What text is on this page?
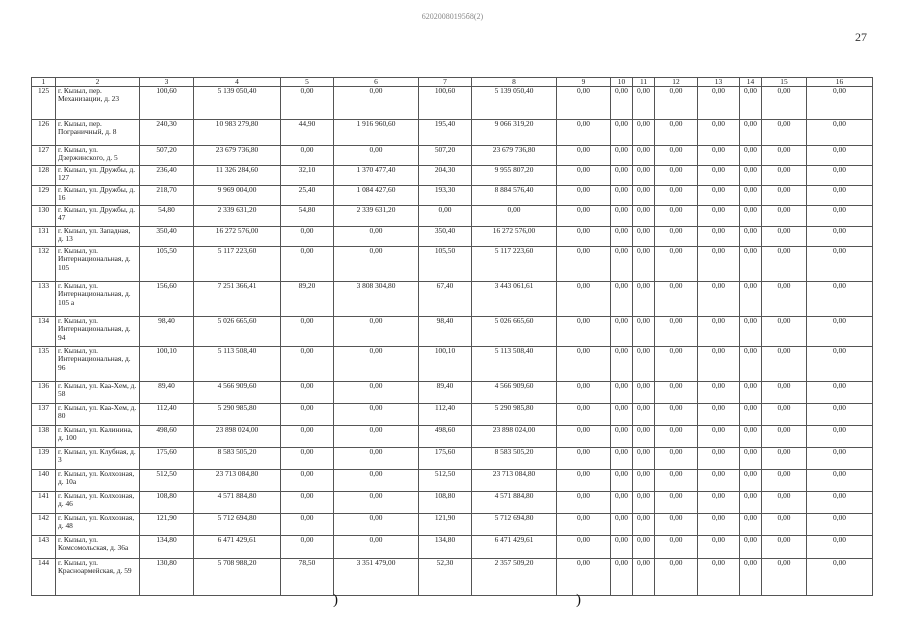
62020080195б8(2)
27
1	2	3	4	5	6	7	8	9	10	11	12	13	14	15	16
125	г. Кызыл, пер. Механизации, д. 23	100,60	5 139 050,40	0,00	0,00	100,60	5 139 050,40	0,00	0,00	0,00	0,00	0,00	0,00	0,00	0,00
126	г. Кызыл, пер. Пограничный, д. 8	240,30	10 983 279,80	44,90	1 916 960,60	195,40	9 066 319,20	0,00	0,00	0,00	0,00	0,00	0,00	0,00	0,00
127	г. Кызыл, ул. Дзержинского, д. 5	507,20	23 679 736,80	0,00	0,00	507,20	23 679 736,80	0,00	0,00	0,00	0,00	0,00	0,00	0,00	0,00
128	г. Кызыл, ул. Дружбы, д. 127	236,40	11 326 284,60	32,10	1 370 477,40	204,30	9 955 807,20	0,00	0,00	0,00	0,00	0,00	0,00	0,00	0,00
129	г. Кызыл, ул. Дружбы, д. 16	218,70	9 969 004,00	25,40	1 084 427,60	193,30	8 884 576,40	0,00	0,00	0,00	0,00	0,00	0,00	0,00	0,00
130	г. Кызыл, ул. Дружбы, д. 47	54,80	2 339 631,20	54,80	2 339 631,20	0,00	0,00	0,00	0,00	0,00	0,00	0,00	0,00	0,00	0,00
131	г. Кызыл, ул. Западная, д. 13	350,40	16 272 576,00	0,00	0,00	350,40	16 272 576,00	0,00	0,00	0,00	0,00	0,00	0,00	0,00	0,00
132	г. Кызыл, ул. Интернациональная, д. 105	105,50	5 117 223,60	0,00	0,00	105,50	5 117 223,60	0,00	0,00	0,00	0,00	0,00	0,00	0,00	0,00
133	г. Кызыл, ул. Интернациональная, д. 105 а	156,60	7 251 366,41	89,20	3 808 304,80	67,40	3 443 061,61	0,00	0,00	0,00	0,00	0,00	0,00	0,00	0,00
134	г. Кызыл, ул. Интернациональная, д. 94	98,40	5 026 665,60	0,00	0,00	98,40	5 026 665,60	0,00	0,00	0,00	0,00	0,00	0,00	0,00	0,00
135	г. Кызыл, ул. Интернациональная, д. 96	100,10	5 113 508,40	0,00	0,00	100,10	5 113 508,40	0,00	0,00	0,00	0,00	0,00	0,00	0,00	0,00
136	г. Кызыл, ул. Каа-Хем, д. 58	89,40	4 566 909,60	0,00	0,00	89,40	4 566 909,60	0,00	0,00	0,00	0,00	0,00	0,00	0,00	0,00
137	г. Кызыл, ул. Каа-Хем, д. 80	112,40	5 290 985,80	0,00	0,00	112,40	5 290 985,80	0,00	0,00	0,00	0,00	0,00	0,00	0,00	0,00
138	г. Кызыл, ул. Калинина, д. 100	498,60	23 898 024,00	0,00	0,00	498,60	23 898 024,00	0,00	0,00	0,00	0,00	0,00	0,00	0,00	0,00
139	г. Кызыл, ул. Клубная, д. 3	175,60	8 583 505,20	0,00	0,00	175,60	8 583 505,20	0,00	0,00	0,00	0,00	0,00	0,00	0,00	0,00
140	г. Кызыл, ул. Колхозная, д. 10а	512,50	23 713 084,80	0,00	0,00	512,50	23 713 084,80	0,00	0,00	0,00	0,00	0,00	0,00	0,00	0,00
141	г. Кызыл, ул. Колхозная, д. 46	108,80	4 571 884,80	0,00	0,00	108,80	4 571 884,80	0,00	0,00	0,00	0,00	0,00	0,00	0,00	0,00
142	г. Кызыл, ул. Колхозная, д. 48	121,90	5 712 694,80	0,00	0,00	121,90	5 712 694,80	0,00	0,00	0,00	0,00	0,00	0,00	0,00	0,00
143	г. Кызыл, ул. Комсомольская, д. 36а	134,80	6 471 429,61	0,00	0,00	134,80	6 471 429,61	0,00	0,00	0,00	0,00	0,00	0,00	0,00	0,00
144	г. Кызыл, ул. Красноармейская, д. 59	130,80	5 708 988,20	78,50	3 351 479,00	52,30	2 357 509,20	0,00	0,00	0,00	0,00	0,00	0,00	0,00	0,00
)	)
